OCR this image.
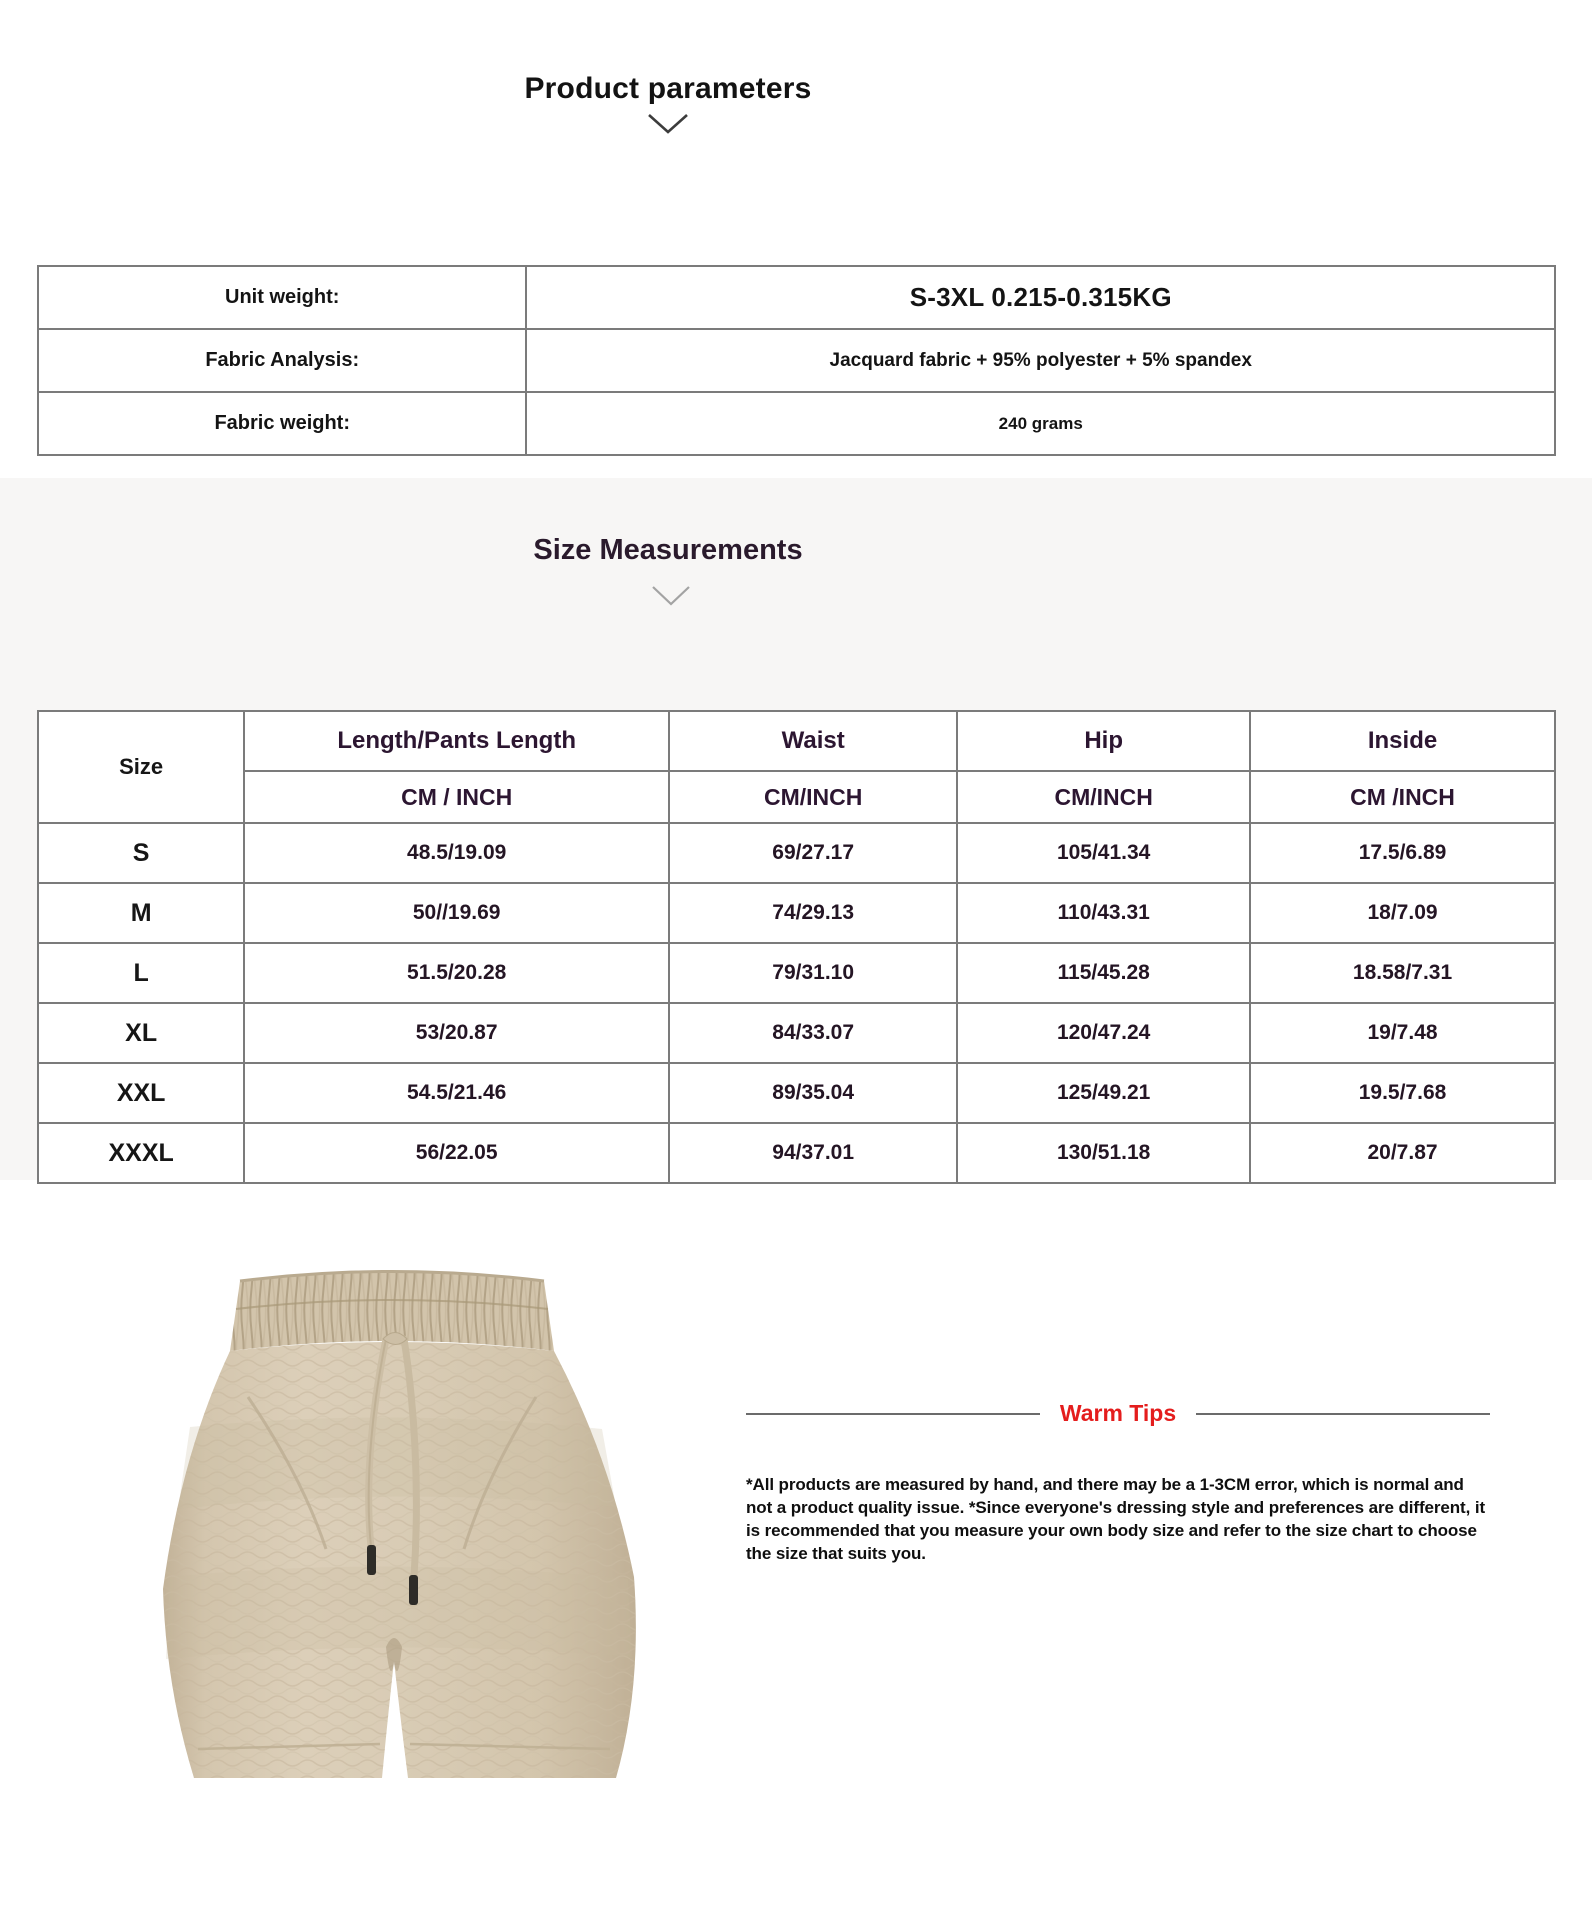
Product parameters
Unit weight:	S-3XL 0.215-0.315KG
Fabric Analysis:	Jacquard fabric + 95% polyester + 5% spandex
Fabric weight:	240 grams
Size Measurements
Size	Length/Pants Length	Waist	Hip	Inside
	CM / INCH	CM/INCH	CM/INCH	CM /INCH
S	48.5/19.09	69/27.17	105/41.34	17.5/6.89
M	50//19.69	74/29.13	110/43.31	18/7.09
L	51.5/20.28	79/31.10	115/45.28	18.58/7.31
XL	53/20.87	84/33.07	120/47.24	19/7.48
XXL	54.5/21.46	89/35.04	125/49.21	19.5/7.68
XXXL	56/22.05	94/37.01	130/51.18	20/7.87
Warm Tips
*All products are measured by hand, and there may be a 1-3CM error, which is normal and not a product quality issue. *Since everyone's dressing style and preferences are different, it is recommended that you measure your own body size and refer to the size chart to choose the size that suits you.
